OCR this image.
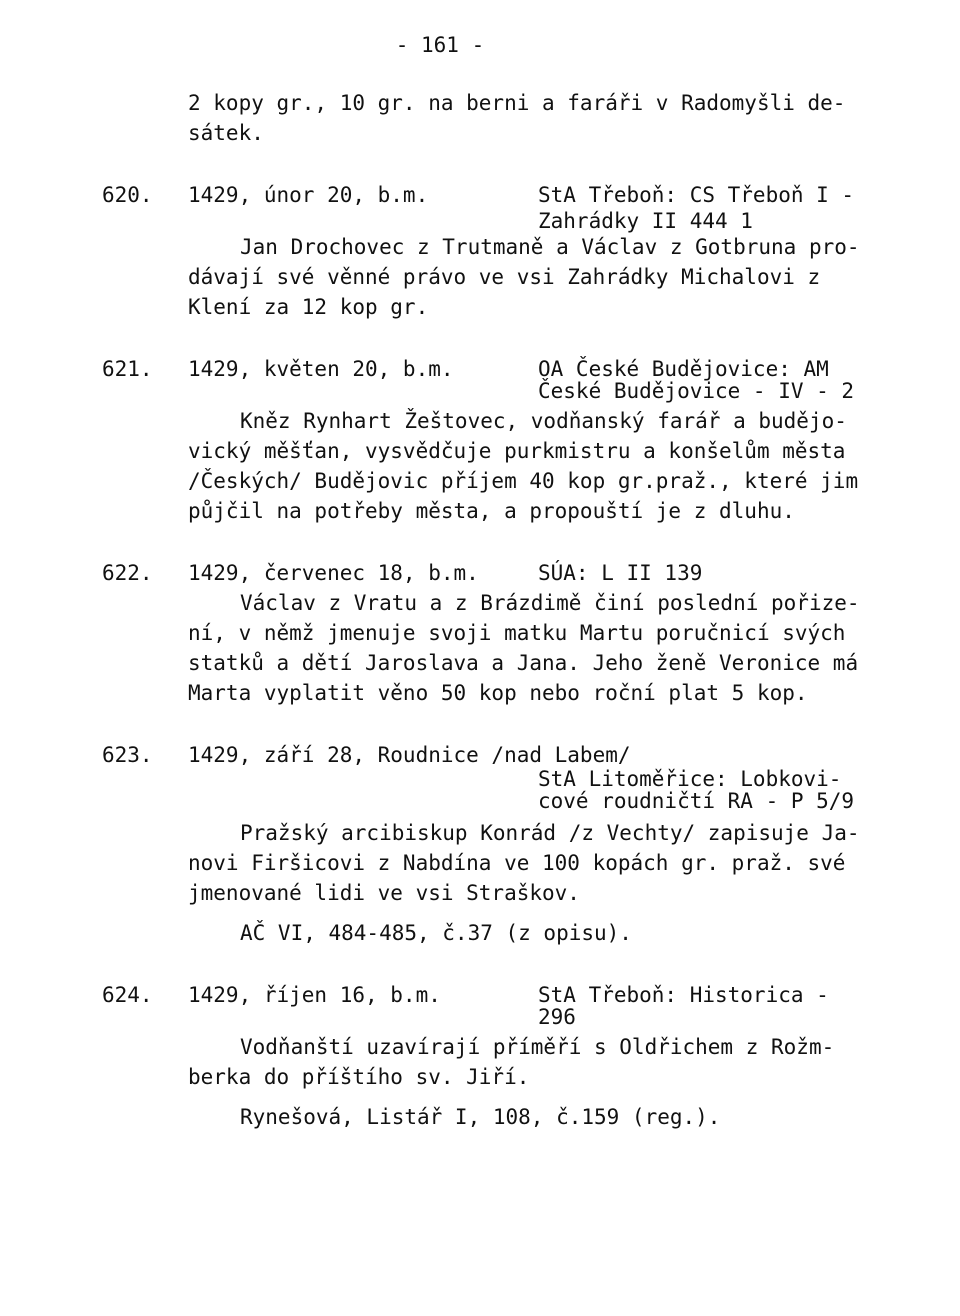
- 161 -
2 kopy gr., 10 gr. na berni a faráři v Radomyšli de-
sátek.
620. 1429, únor 20, b.m.	StA Třeboň: CS Třeboň I -
Zahrádky II 444 1
Jan Drochovec z Trutmaně a Václav z Gotbruna pro-
dávají své věnné právo ve vsi Zahrádky Michalovi z
Klení za 12 kop gr.
621. 1429, květen 20, b.m.	OA České Budějovice: AM
České Budějovice - IV - 2
Kněz Rynhart Žeštovec, vodňanský farář a budějo-
vický měšťan, vysvědčuje purkmistru a konšelům města
/Českých/ Budějovic příjem 40 kop gr.praž., které jim
půjčil na potřeby města, a propouští je z dluhu.
622. 1429, červenec 18, b.m.	SÚA: L II 139
Václav z Vratu a z Brázdimě činí poslední pořize-
ní, v němž jmenuje svoji matku Martu poručnicí svých
statků a dětí Jaroslava a Jana. Jeho ženě Veronice má
Marta vyplatit věno 50 kop nebo roční plat 5 kop.
623. 1429, září 28, Roudnice /nad Labem/
StA Litoměřice: Lobkovi-
cové roudničtí RA - P 5/9
Pražský arcibiskup Konrád /z Vechty/ zapisuje Ja-
novi Firšicovi z Nabdína ve 100 kopách gr. praž. své
jmenované lidi ve vsi Straškov.
AČ VI, 484-485, č.37 (z opisu).
624. 1429, říjen 16, b.m.	StA Třeboň: Historica -
296
Vodňanští uzavírají příměří s Oldřichem z Rožm-
berka do příštího sv. Jiří.
Rynešová, Listář I, 108, č.159 (reg.).
